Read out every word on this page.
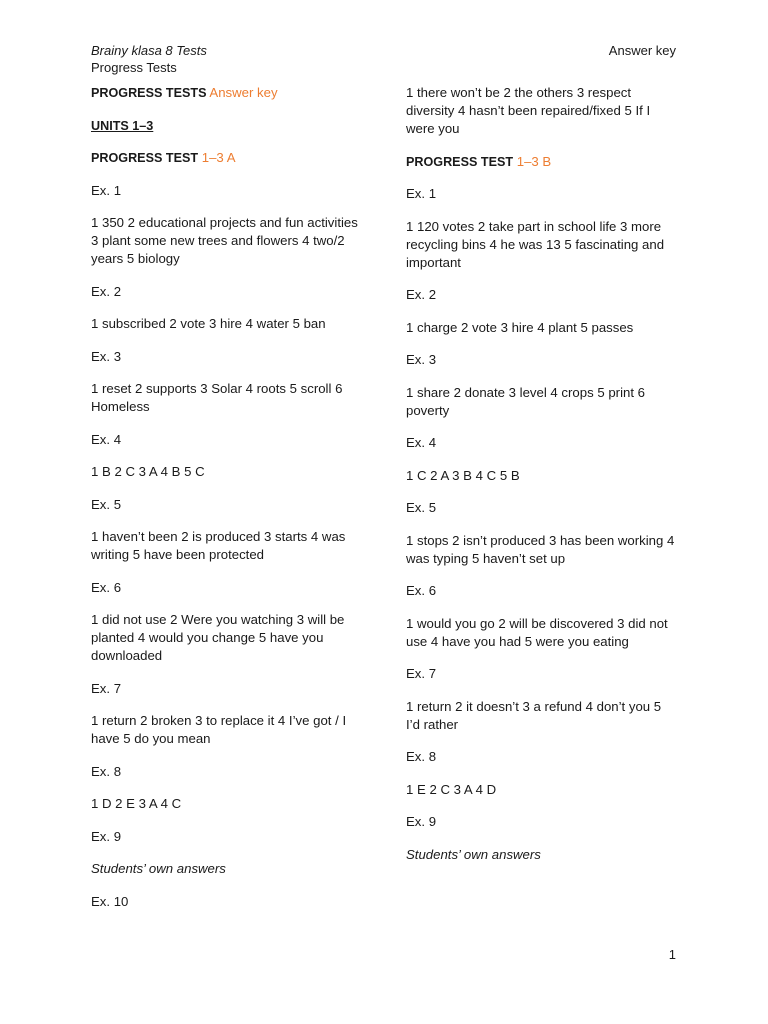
Brainy klasa 8 Tests
Progress Tests
Answer key

PROGRESS TESTS Answer key

UNITS 1–3

PROGRESS TEST 1–3 A

Ex. 1

1 350 2 educational projects and fun activities 3 plant some new trees and flowers 4 two/2 years 5 biology

Ex. 2

1 subscribed 2 vote 3 hire 4 water 5 ban

Ex. 3

1 reset 2 supports 3 Solar 4 roots 5 scroll 6 Homeless

Ex. 4

1 B 2 C 3 A 4 B 5 C

Ex. 5

1 haven’t been 2 is produced 3 starts 4 was writing 5 have been protected

Ex. 6

1 did not use 2 Were you watching 3 will be planted 4 would you change 5 have you downloaded

Ex. 7

1 return 2 broken 3 to replace it 4 I’ve got / I have 5 do you mean

Ex. 8

1 D 2 E 3 A 4 C

Ex. 9

Students’ own answers

Ex. 10

1 there won’t be 2 the others 3 respect diversity 4 hasn’t been repaired/fixed 5 If I were you

PROGRESS TEST 1–3 B

Ex. 1

1 120 votes 2 take part in school life 3 more recycling bins 4 he was 13 5 fascinating and important

Ex. 2

1 charge 2 vote 3 hire 4 plant 5 passes

Ex. 3

1 share 2 donate 3 level 4 crops 5 print 6 poverty

Ex. 4

1 C 2 A 3 B 4 C 5 B

Ex. 5

1 stops 2 isn’t produced 3 has been working 4 was typing 5 haven’t set up

Ex. 6

1 would you go 2 will be discovered 3 did not use 4 have you had 5 were you eating

Ex. 7

1 return 2 it doesn’t 3 a refund 4 don’t you 5 I’d rather

Ex. 8

1 E 2 C 3 A 4 D

Ex. 9

Students’ own answers

1
